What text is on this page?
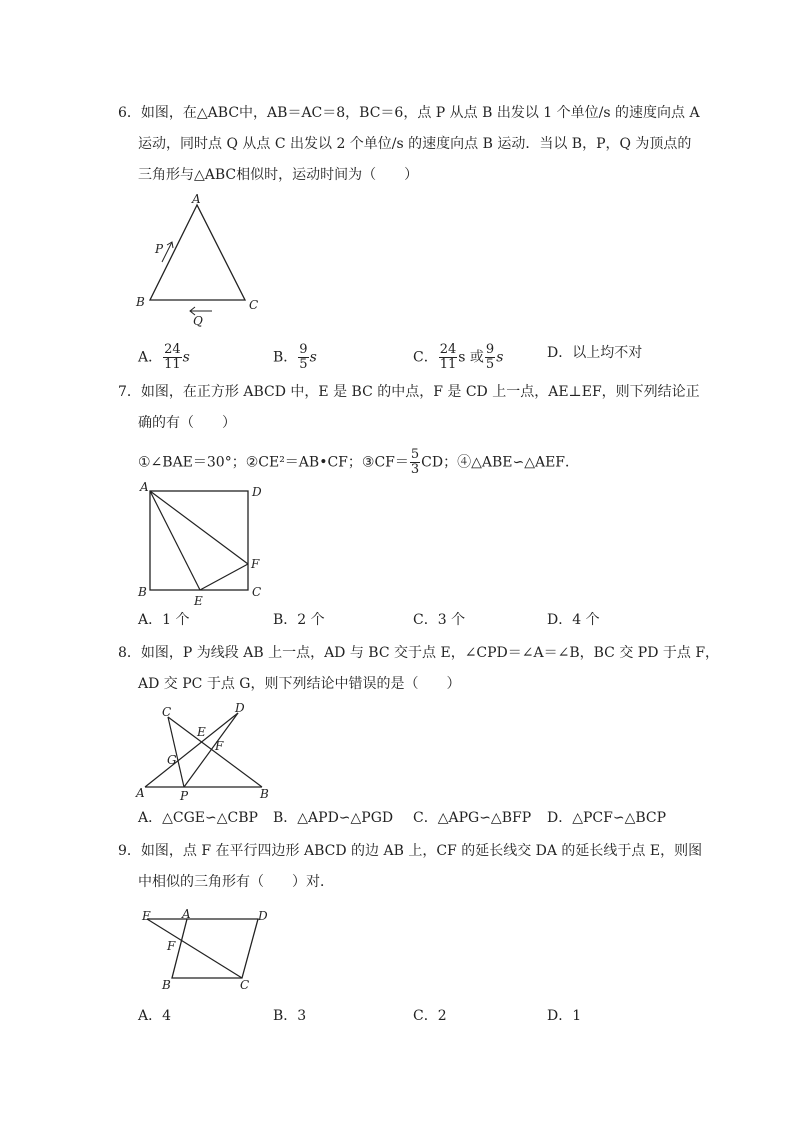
6．如图，在△ABC中，AB＝AC＝8，BC＝6，点 P 从点 B 出发以 1 个单位/s 的速度向点 A
运动，同时点 Q 从点 C 出发以 2 个单位/s 的速度向点 B 运动．当以 B，P，Q 为顶点的
三角形与△ABC相似时，运动时间为（　　）
A
B	C
P
Q
A． $\frac{24}{11}$ s	B． $\frac{9}{5}$ s	C． $\frac{24}{11}$ s 或 $\frac{9}{5}$ s	D．以上均不对
7．如图，在正方形 ABCD 中，E 是 BC 的中点，F 是 CD 上一点，AE⊥EF，则下列结论正
确的有（　　）
①∠BAE＝30°；②CE²＝AB•CF；③CF＝ $\frac{5}{3}$ CD；④△ABE∽△AEF．
A	D
B	C
E
F
A．1 个	B．2 个	C．3 个	D．4 个
8．如图，P 为线段 AB 上一点，AD 与 BC 交于点 E，∠CPD＝∠A＝∠B，BC 交 PD 于点 F，
AD 交 PC 于点 G，则下列结论中错误的是（　　）
C	D
E
F
G
A	P	B
A．△CGE∽△CBP B．△APD∽△PGD C．△APG∽△BFP D．△PCF∽△BCP
9．如图，点 F 在平行四边形 ABCD 的边 AB 上，CF 的延长线交 DA 的延长线于点 E，则图
中相似的三角形有（　　）对．
E	A	D
F
B	C
A．4	B．3	C．2	D．1
